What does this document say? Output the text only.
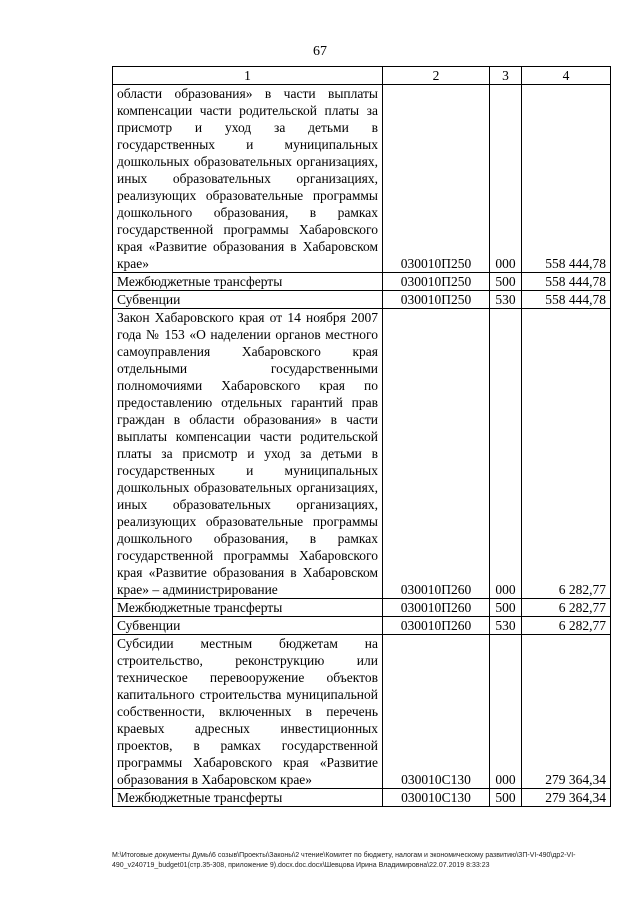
67
1	2	3	4
области образования» в части выплаты компенсации части родительской платы за присмотр и уход за детьми в государственных и муниципальных дошкольных образовательных организациях, иных образовательных организациях, реализующих образовательные программы дошкольного образования, в рамках государственной программы Хабаровского края «Развитие образования в Хабаровском крае»	030010П250	000	558 444,78
Межбюджетные трансферты	030010П250	500	558 444,78
Субвенции	030010П250	530	558 444,78
Закон Хабаровского края от 14 ноября 2007 года № 153 «О наделении органов местного самоуправления Хабаровского края отдельными государственными полномочиями Хабаровского края по предоставлению отдельных гарантий прав граждан в области образования» в части выплаты компенсации части родительской платы за присмотр и уход за детьми в государственных и муниципальных дошкольных образовательных организациях, иных образовательных организациях, реализующих образовательные программы дошкольного образования, в рамках государственной программы Хабаровского края «Развитие образования в Хабаровском крае» – администрирование	030010П260	000	6 282,77
Межбюджетные трансферты	030010П260	500	6 282,77
Субвенции	030010П260	530	6 282,77
Субсидии местным бюджетам на строительство, реконструкцию или техническое перевооружение объектов капитального строительства муниципальной собственности, включенных в перечень краевых адресных инвестиционных проектов, в рамках государственной программы Хабаровского края «Развитие образования в Хабаровском крае»	030010С130	000	279 364,34
Межбюджетные трансферты	030010С130	500	279 364,34
M:\Итоговые документы Думы\6 созыв\Проекты\Законы\2 чтение\Комитет по бюджету, налогам и экономическому развитию\ЗП-VI-490\др2-VI-490_v240719_budget01(стр.35-308, приложение 9).docx.doc.docx\Шевцова Ирина Владимировна\22.07.2019 8:33:23
